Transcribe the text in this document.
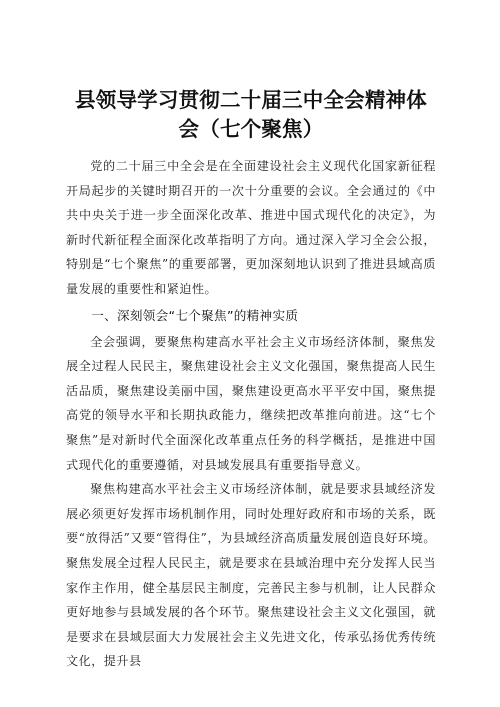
县领导学习贯彻二十届三中全会精神体会（七个聚焦）

党的二十届三中全会是在全面建设社会主义现代化国家新征程开局起步的关键时期召开的一次十分重要的会议。全会通过的《中共中央关于进一步全面深化改革、推进中国式现代化的决定》，为新时代新征程全面深化改革指明了方向。通过深入学习全会公报，特别是“七个聚焦”的重要部署，更加深刻地认识到了推进县域高质量发展的重要性和紧迫性。

一、深刻领会“七个聚焦”的精神实质

全会强调，要聚焦构建高水平社会主义市场经济体制，聚焦发展全过程人民民主，聚焦建设社会主义文化强国，聚焦提高人民生活品质，聚焦建设美丽中国，聚焦建设更高水平平安中国，聚焦提高党的领导水平和长期执政能力，继续把改革推向前进。这“七个聚焦”是对新时代全面深化改革重点任务的科学概括，是推进中国式现代化的重要遵循，对县域发展具有重要指导意义。

聚焦构建高水平社会主义市场经济体制，就是要求县域经济发展必须更好发挥市场机制作用，同时处理好政府和市场的关系，既要“放得活”又要“管得住”，为县域经济高质量发展创造良好环境。聚焦发展全过程人民民主，就是要求在县域治理中充分发挥人民当家作主作用，健全基层民主制度，完善民主参与机制，让人民群众更好地参与县域发展的各个环节。聚焦建设社会主义文化强国，就是要求在县域层面大力发展社会主义先进文化，传承弘扬优秀传统文化，提升县
